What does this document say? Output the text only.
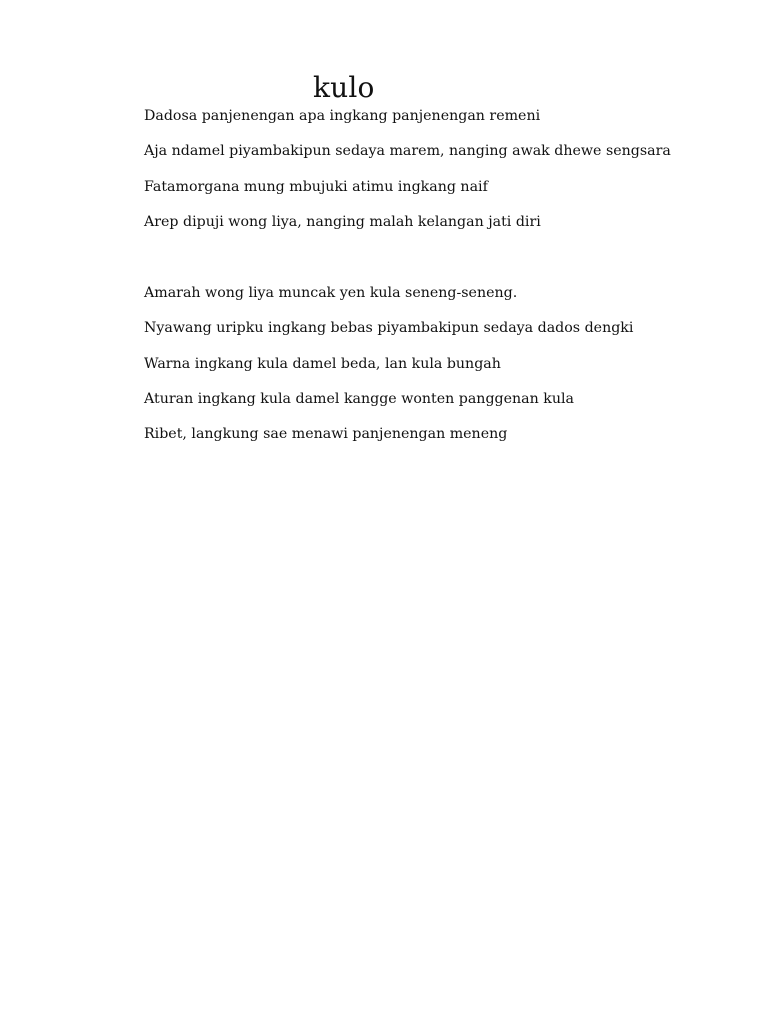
kulo
Dadosa panjenengan apa ingkang panjenengan remeni
Aja ndamel piyambakipun sedaya marem, nanging awak dhewe sengsara
Fatamorgana mung mbujuki atimu ingkang naif
Arep dipuji wong liya, nanging malah kelangan jati diri
Amarah wong liya muncak yen kula seneng-seneng.
Nyawang uripku ingkang bebas piyambakipun sedaya dados dengki
Warna ingkang kula damel beda, lan kula bungah
Aturan ingkang kula damel kangge wonten panggenan kula
Ribet, langkung sae menawi panjenengan meneng
